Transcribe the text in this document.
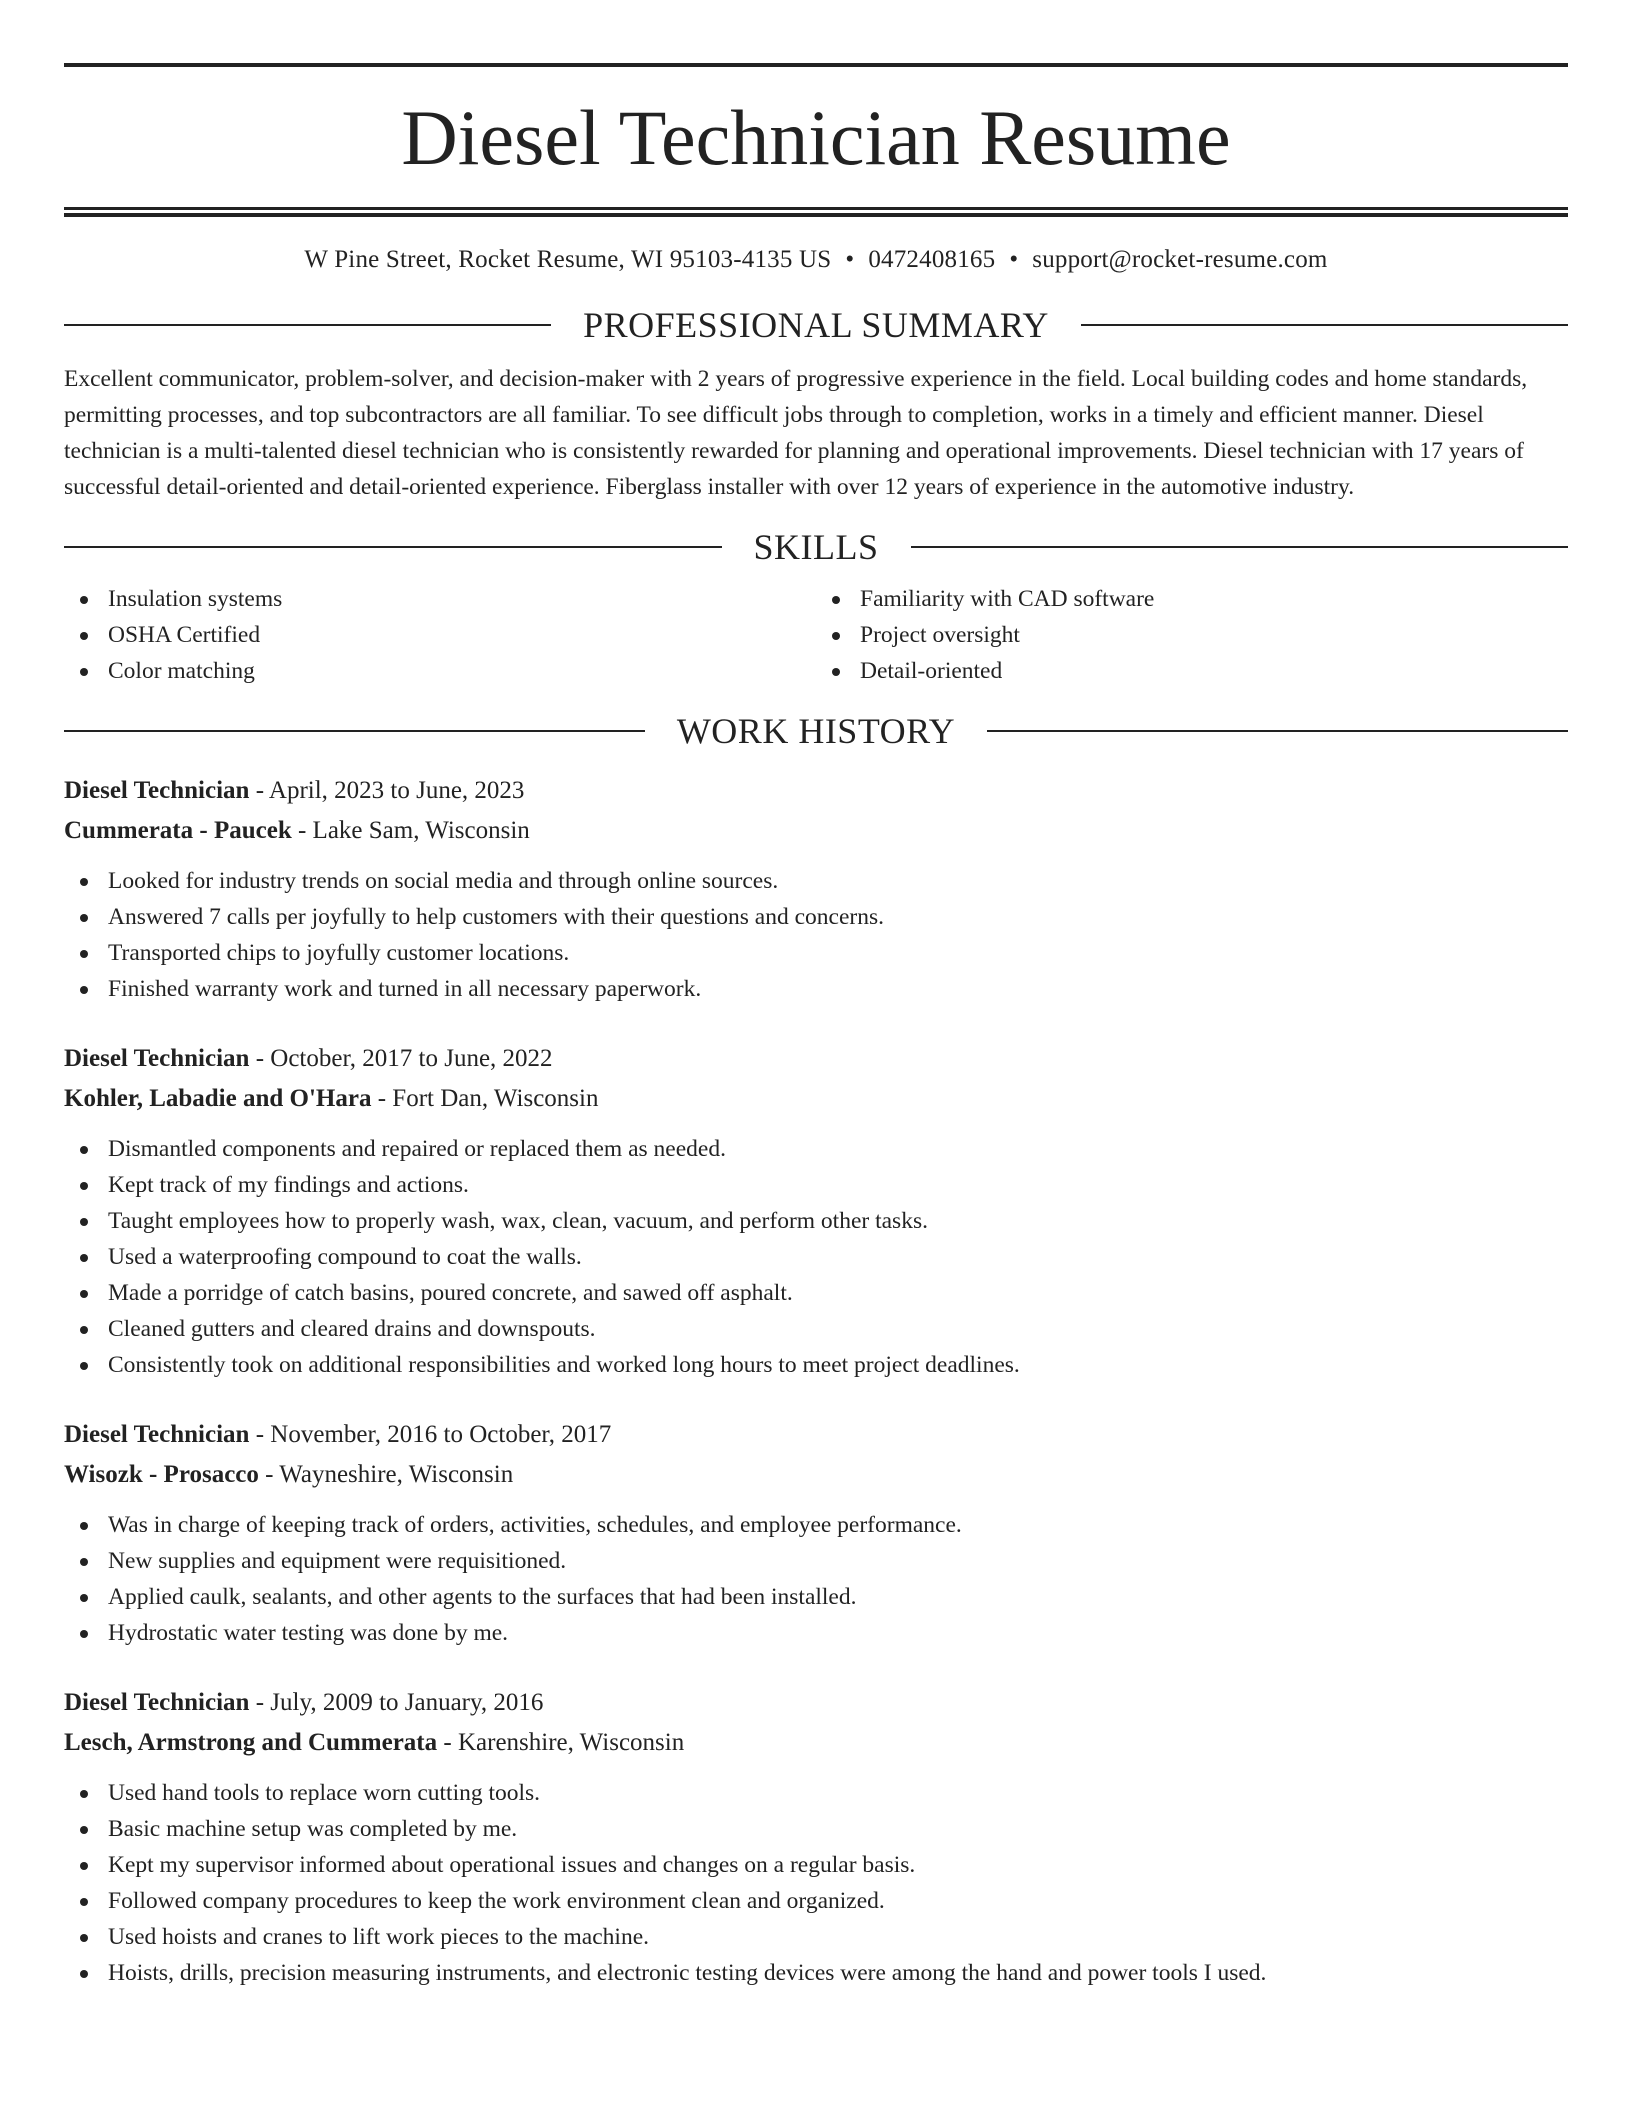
Diesel Technician Resume
W Pine Street, Rocket Resume, WI 95103-4135 US • 0472408165 • support@rocket-resume.com
PROFESSIONAL SUMMARY

Excellent communicator, problem-solver, and decision-maker with 2 years of progressive experience in the field. Local building codes and home standards, permitting processes, and top subcontractors are all familiar. To see difficult jobs through to completion, works in a timely and efficient manner. Diesel technician is a multi-talented diesel technician who is consistently rewarded for planning and operational improvements. Diesel technician with 17 years of successful detail-oriented and detail-oriented experience. Fiberglass installer with over 12 years of experience in the automotive industry.

SKILLS
Insulation systems
OSHA Certified
Color matching
Familiarity with CAD software
Project oversight
Detail-oriented
WORK HISTORY
Diesel Technician - April, 2023 to June, 2023
Cummerata - Paucek - Lake Sam, Wisconsin
Looked for industry trends on social media and through online sources.
Answered 7 calls per joyfully to help customers with their questions and concerns.
Transported chips to joyfully customer locations.
Finished warranty work and turned in all necessary paperwork.
Diesel Technician - October, 2017 to June, 2022
Kohler, Labadie and O'Hara - Fort Dan, Wisconsin
Dismantled components and repaired or replaced them as needed.
Kept track of my findings and actions.
Taught employees how to properly wash, wax, clean, vacuum, and perform other tasks.
Used a waterproofing compound to coat the walls.
Made a porridge of catch basins, poured concrete, and sawed off asphalt.
Cleaned gutters and cleared drains and downspouts.
Consistently took on additional responsibilities and worked long hours to meet project deadlines.
Diesel Technician - November, 2016 to October, 2017
Wisozk - Prosacco - Wayneshire, Wisconsin
Was in charge of keeping track of orders, activities, schedules, and employee performance.
New supplies and equipment were requisitioned.
Applied caulk, sealants, and other agents to the surfaces that had been installed.
Hydrostatic water testing was done by me.
Diesel Technician - July, 2009 to January, 2016
Lesch, Armstrong and Cummerata - Karenshire, Wisconsin
Used hand tools to replace worn cutting tools.
Basic machine setup was completed by me.
Kept my supervisor informed about operational issues and changes on a regular basis.
Followed company procedures to keep the work environment clean and organized.
Used hoists and cranes to lift work pieces to the machine.
Hoists, drills, precision measuring instruments, and electronic testing devices were among the hand and power tools I used.
